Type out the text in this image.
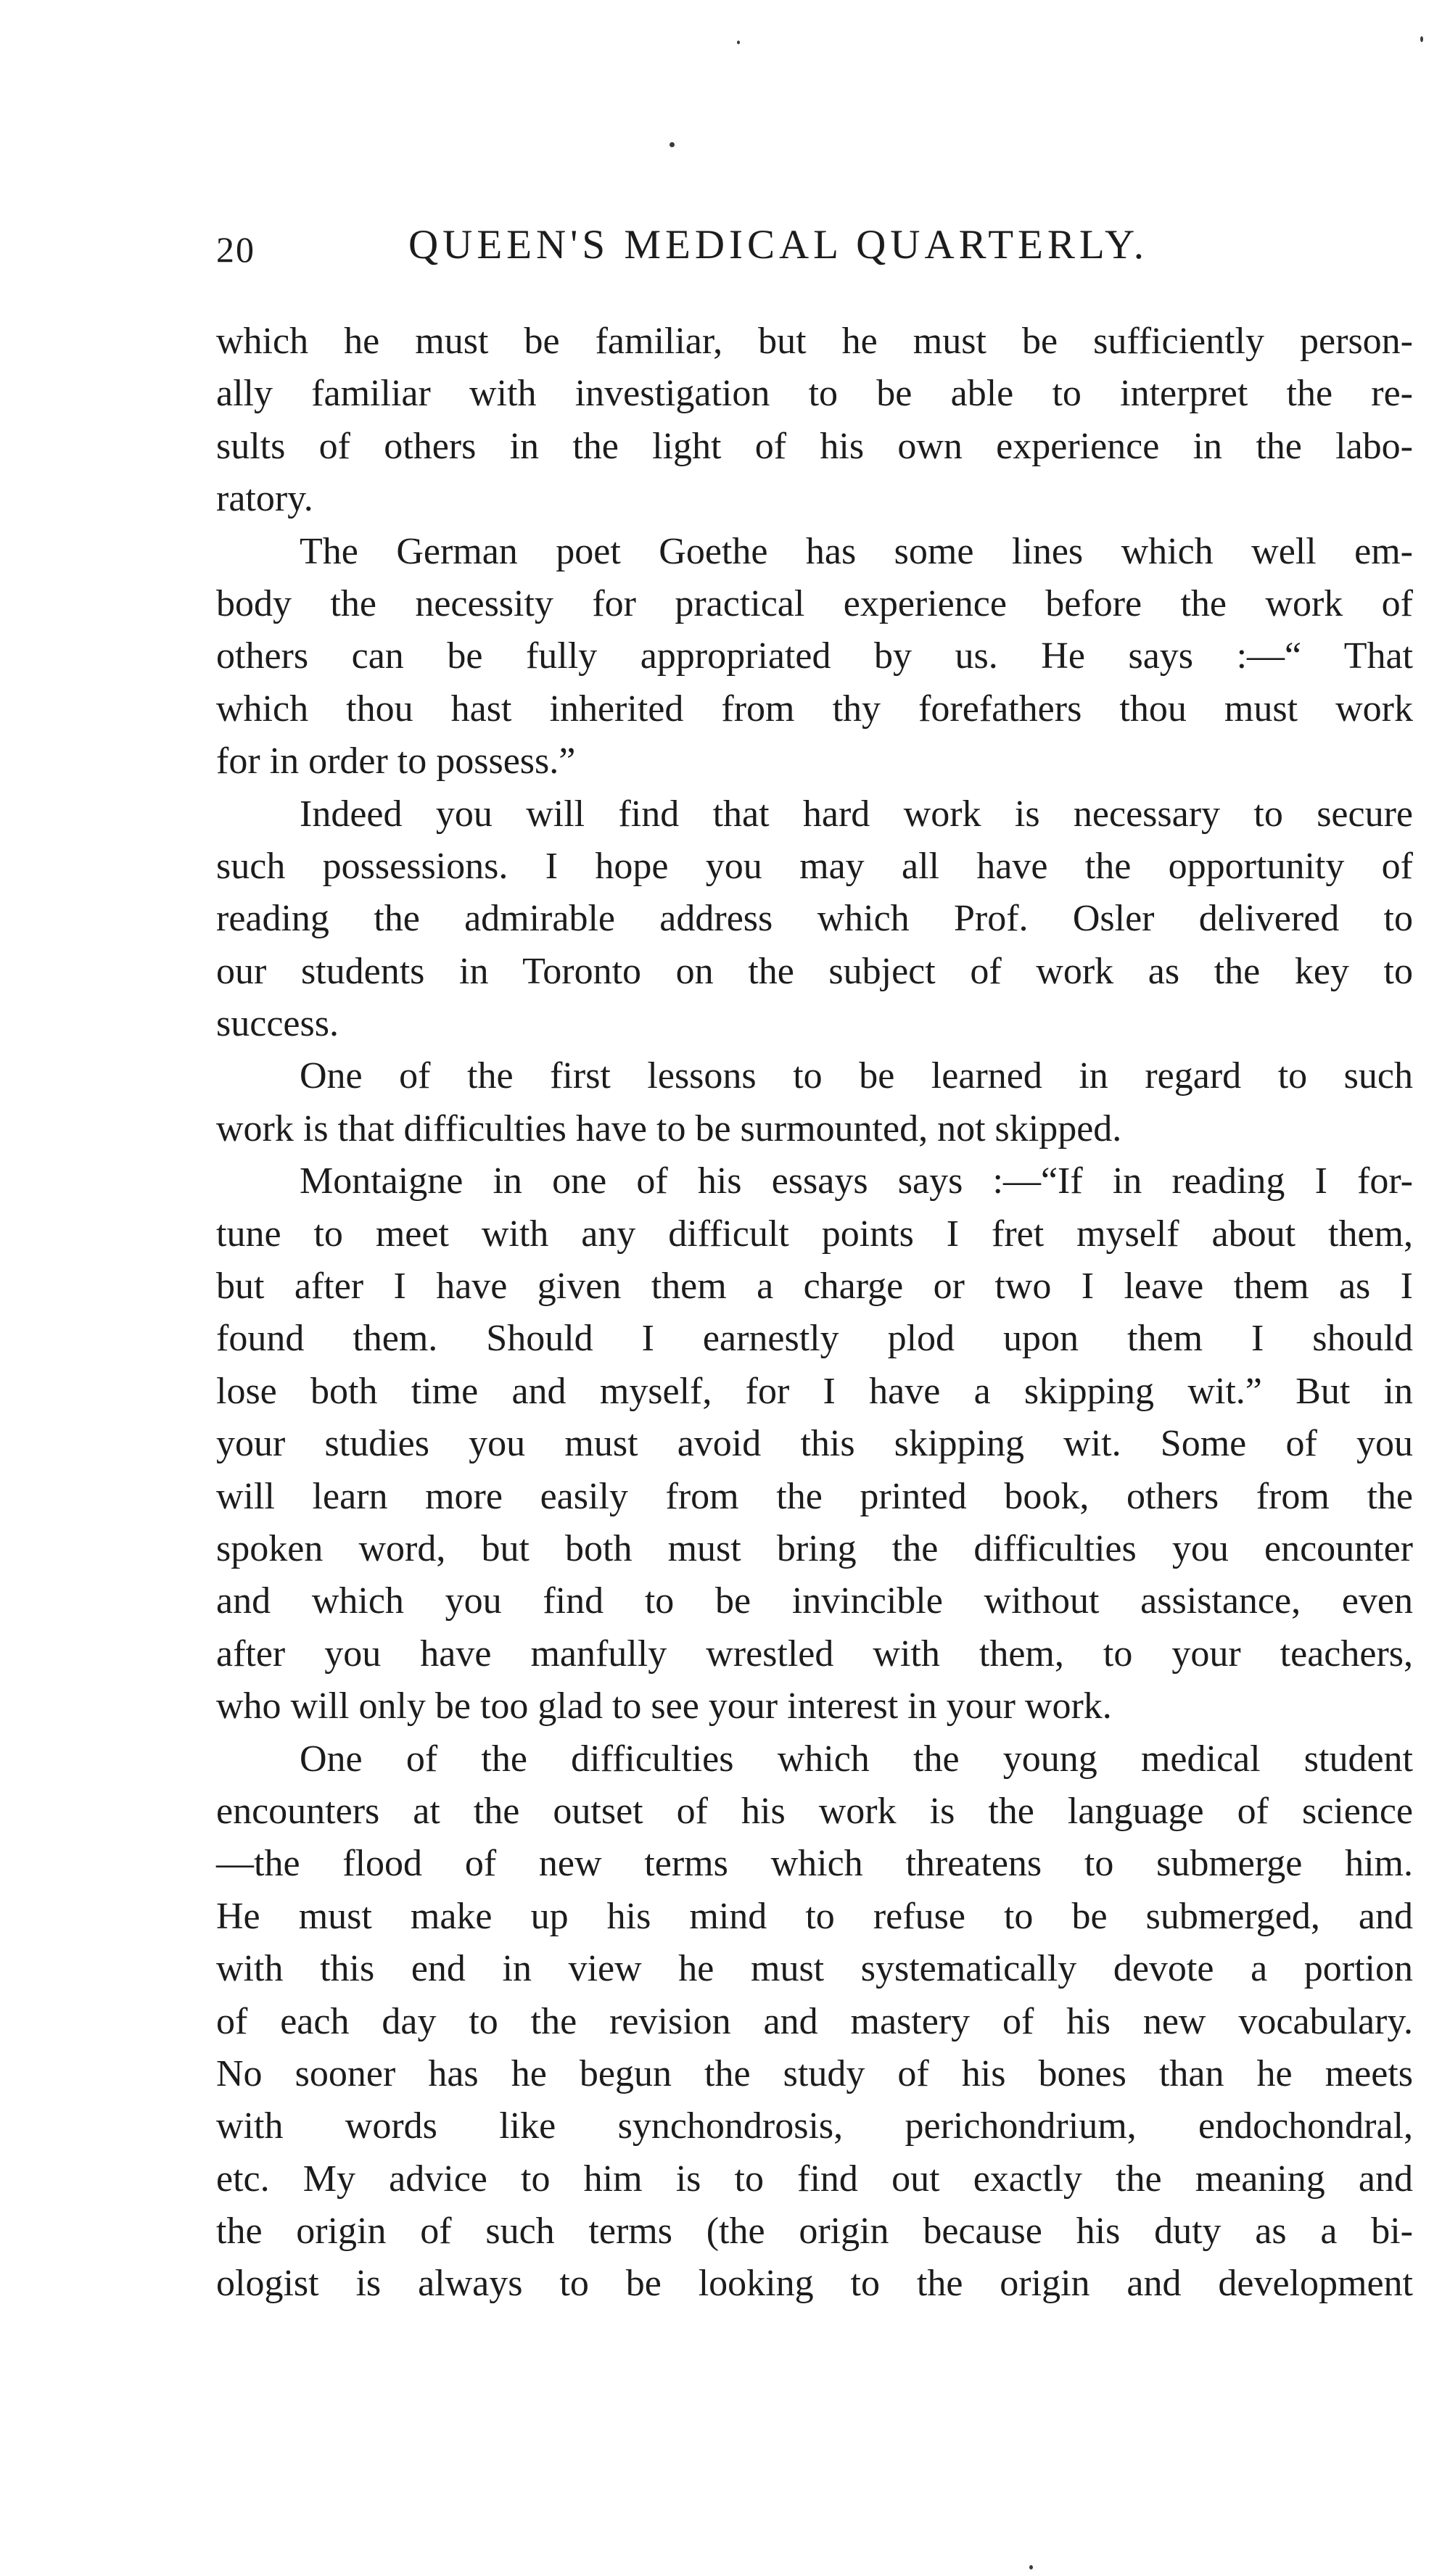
20	QUEEN'S MEDICAL QUARTERLY.
which he must be familiar, but he must be sufficiently person-
ally familiar with investigation to be able to interpret the re-
sults of others in the light of his own experience in the labo-
ratory.
The German poet Goethe has some lines which well em-
body the necessity for practical experience before the work of
others can be fully appropriated by us. He says :—“ That
which thou hast inherited from thy forefathers thou must work
for in order to possess.”
Indeed you will find that hard work is necessary to secure
such possessions. I hope you may all have the opportunity of
reading the admirable address which Prof. Osler delivered to
our students in Toronto on the subject of work as the key to
success.
One of the first lessons to be learned in regard to such
work is that difficulties have to be surmounted, not skipped.
Montaigne in one of his essays says :—“If in reading I for-
tune to meet with any difficult points I fret myself about them,
but after I have given them a charge or two I leave them as I
found them. Should I earnestly plod upon them I should
lose both time and myself, for I have a skipping wit.” But in
your studies you must avoid this skipping wit. Some of you
will learn more easily from the printed book, others from the
spoken word, but both must bring the difficulties you encounter
and which you find to be invincible without assistance, even
after you have manfully wrestled with them, to your teachers,
who will only be too glad to see your interest in your work.
One of the difficulties which the young medical student
encounters at the outset of his work is the language of science
—the flood of new terms which threatens to submerge him.
He must make up his mind to refuse to be submerged, and
with this end in view he must systematically devote a portion
of each day to the revision and mastery of his new vocabulary.
No sooner has he begun the study of his bones than he meets
with words like synchondrosis, perichondrium, endochondral,
etc. My advice to him is to find out exactly the meaning and
the origin of such terms (the origin because his duty as a bi-
ologist is always to be looking to the origin and development
